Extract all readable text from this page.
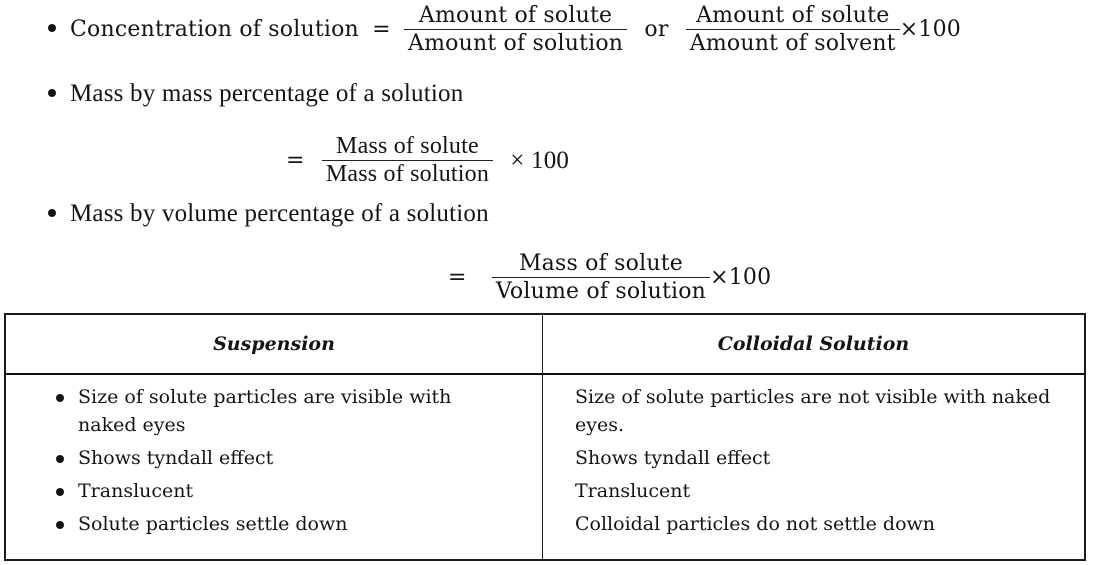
Concentration of solution = $\frac{\text{Amount of solute}}{\text{Amount of solution}}$ or $\frac{\text{Amount of solute}}{\text{Amount of solvent}} \times 100$
Mass by mass percentage of a solution
= $\frac{\text{Mass of solute}}{\text{Mass of solution}} \times 100$
Mass by volume percentage of a solution
= $\frac{\text{Mass of solute}}{\text{Volume of solution}} \times 100$
Suspension	Colloidal Solution

Size of solute particles are visible with naked eyes
Shows tyndall effect
Translucent
Solute particles settle down

Size of solute particles are not visible with naked eyes.
Shows tyndall effect
Translucent
Colloidal particles do not settle down
